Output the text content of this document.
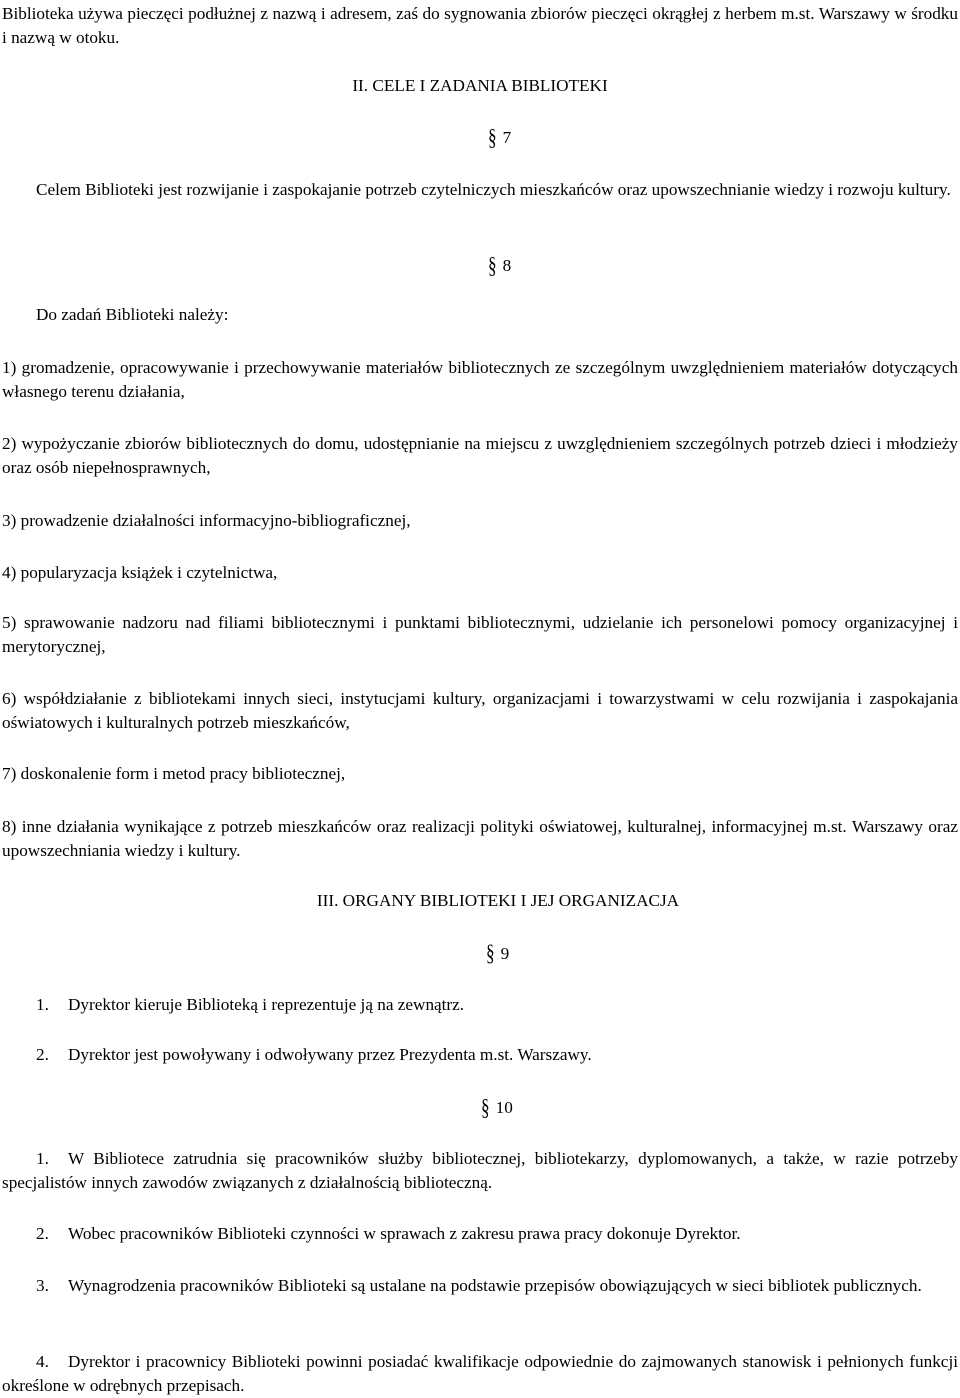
Biblioteka używa pieczęci podłużnej z nazwą i adresem, zaś do sygnowania zbiorów pieczęci okrągłej z herbem m.st. Warszawy w środku i nazwą w otoku.

II. CELE I ZADANIA BIBLIOTEKI

§ 7

Celem Biblioteki jest rozwijanie i zaspokajanie potrzeb czytelniczych mieszkańców oraz upowszechnianie wiedzy i rozwoju kultury.

§ 8

Do zadań Biblioteki należy:

1) gromadzenie, opracowywanie i przechowywanie materiałów bibliotecznych ze szczególnym uwzględnieniem materiałów dotyczących własnego terenu działania,

2) wypożyczanie zbiorów bibliotecznych do domu, udostępnianie na miejscu z uwzględnieniem szczególnych potrzeb dzieci i młodzieży oraz osób niepełnosprawnych,

3) prowadzenie działalności informacyjno-bibliograficznej,

4) popularyzacja książek i czytelnictwa,

5) sprawowanie nadzoru nad filiami bibliotecznymi i punktami bibliotecznymi, udzielanie ich personelowi pomocy organizacyjnej i merytorycznej,

6) współdziałanie z bibliotekami innych sieci, instytucjami kultury, organizacjami i towarzystwami w celu rozwijania i zaspokajania oświatowych i kulturalnych potrzeb mieszkańców,

7) doskonalenie form i metod pracy bibliotecznej,

8) inne działania wynikające z potrzeb mieszkańców oraz realizacji polityki oświatowej, kulturalnej, informacyjnej m.st. Warszawy oraz upowszechniania wiedzy i kultury.

III. ORGANY BIBLIOTEKI I JEJ ORGANIZACJA

§ 9

1. Dyrektor kieruje Biblioteką i reprezentuje ją na zewnątrz.

2. Dyrektor jest powoływany i odwoływany przez Prezydenta m.st. Warszawy.

§ 10

1. W Bibliotece zatrudnia się pracowników służby bibliotecznej, bibliotekarzy, dyplomowanych, a także, w razie potrzeby specjalistów innych zawodów związanych z działalnością biblioteczną.

2. Wobec pracowników Biblioteki czynności w sprawach z zakresu prawa pracy dokonuje Dyrektor.

3. Wynagrodzenia pracowników Biblioteki są ustalane na podstawie przepisów obowiązujących w sieci bibliotek publicznych.

4. Dyrektor i pracownicy Biblioteki powinni posiadać kwalifikacje odpowiednie do zajmowanych stanowisk i pełnionych funkcji określone w odrębnych przepisach.
